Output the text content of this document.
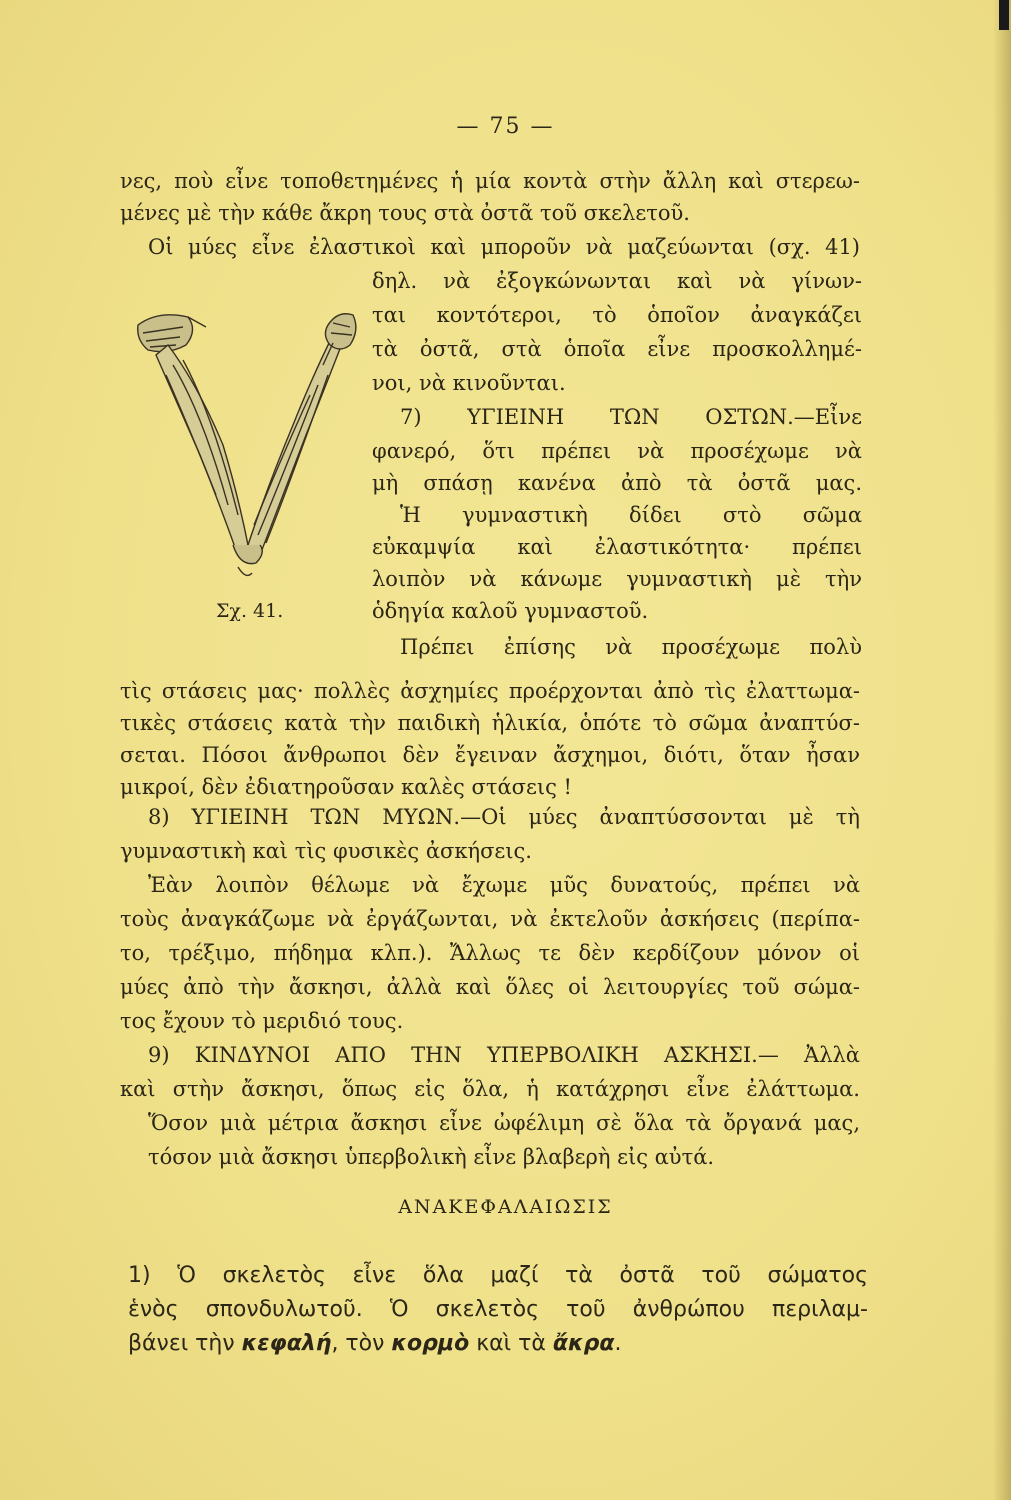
— 75 —
νες, ποὺ εἶνε τοποθετημένες ἡ μία κοντὰ στὴν ἄλλη καὶ στερεω-
μένες μὲ τὴν κάθε ἄκρη τους στὰ ὀστᾶ τοῦ σκελετοῦ.
Οἱ μύες εἶνε ἐλαστικοὶ καὶ μποροῦν νὰ μαζεύωνται (σχ. 41)
δηλ. νὰ ἐξογκώνωνται καὶ νὰ γίνων-
ται κοντότεροι, τὸ ὁποῖον ἀναγκάζει
τὰ ὀστᾶ, στὰ ὁποῖα εἶνε προσκολλημέ-
νοι, νὰ κινοῦνται.
7) ΥΓΙΕΙΝΗ ΤΩΝ ΟΣΤΩΝ.—Εἶνε
φανερό, ὅτι πρέπει νὰ προσέχωμε νὰ
μὴ σπάσῃ κανένα ἀπὸ τὰ ὀστᾶ μας.
Ἡ γυμναστικὴ δίδει στὸ σῶμα
εὐκαμψία καὶ ἐλαστικότητα· πρέπει
λοιπὸν νὰ κάνωμε γυμναστικὴ μὲ τὴν
ὁδηγία καλοῦ γυμναστοῦ.
Πρέπει ἐπίσης νὰ προσέχωμε πολὺ
τὶς στάσεις μας· πολλὲς ἀσχημίες προέρχονται ἀπὸ τὶς ἐλαττωμα-
τικὲς στάσεις κατὰ τὴν παιδικὴ ἡλικία, ὁπότε τὸ σῶμα ἀναπτύσ-
σεται. Πόσοι ἄνθρωποι δὲν ἔγειναν ἄσχημοι, διότι, ὅταν ἦσαν
μικροί, δὲν ἐδιατηροῦσαν καλὲς στάσεις !
8) ΥΓΙΕΙΝΗ ΤΩΝ ΜΥΩΝ.—Οἱ μύες ἀναπτύσσονται μὲ τὴ
γυμναστικὴ καὶ τὶς φυσικὲς ἀσκήσεις.
Ἐὰν λοιπὸν θέλωμε νὰ ἔχωμε μῦς δυνατούς, πρέπει νὰ
τοὺς ἀναγκάζωμε νὰ ἐργάζωνται, νὰ ἐκτελοῦν ἀσκήσεις (περίπα-
το, τρέξιμο, πήδημα κλπ.). Ἄλλως τε δὲν κερδίζουν μόνον οἱ
μύες ἀπὸ τὴν ἄσκησι, ἀλλὰ καὶ ὅλες οἱ λειτουργίες τοῦ σώμα-
τος ἔχουν τὸ μεριδιό τους.
9) ΚΙΝΔΥΝΟΙ ΑΠΟ ΤΗΝ ΥΠΕΡΒΟΛΙΚΗ ΑΣΚΗΣΙ.— Ἀλλὰ
καὶ στὴν ἄσκησι, ὅπως εἰς ὅλα, ἡ κατάχρησι εἶνε ἐλάττωμα.
Ὅσον μιὰ μέτρια ἄσκησι εἶνε ὠφέλιμη σὲ ὅλα τὰ ὄργανά μας,
τόσον μιὰ ἄσκησι ὑπερβολικὴ εἶνε βλαβερὴ εἰς αὐτά.
Σχ. 41.
ΑΝΑΚΕΦΑΛΑΙΩΣΙΣ
1) Ὁ σκελετὸς εἶνε ὅλα μαζί τὰ ὀστᾶ τοῦ σώματος
ἑνὸς σπονδυλωτοῦ. Ὁ σκελετὸς τοῦ ἀνθρώπου περιλαμ-
βάνει τὴν κεφαλή, τὸν κορμὸ καὶ τὰ ἄκρα.
